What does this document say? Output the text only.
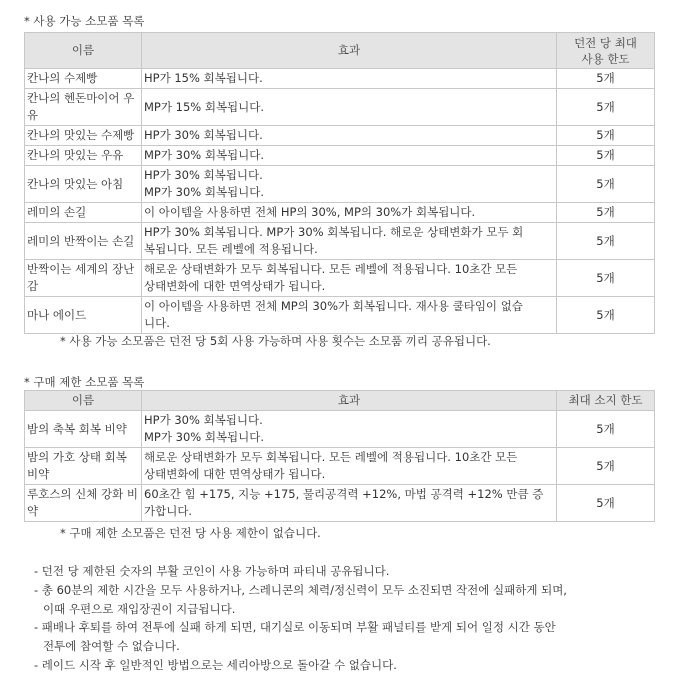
* 사용 가능 소모품 목록
이름	효과	던전 당 최대
사용 한도
칸나의 수제빵	HP가 15% 회복됩니다.	5개
칸나의 헨돈마이어 우유	MP가 15% 회복됩니다.	5개
칸나의 맛있는 수제빵	HP가 30% 회복됩니다.	5개
칸나의 맛있는 우유	MP가 30% 회복됩니다.	5개
칸나의 맛있는 아침	HP가 30% 회복됩니다.
MP가 30% 회복됩니다.	5개
레미의 손길	이 아이템을 사용하면 전체 HP의 30%, MP의 30%가 회복됩니다.	5개
레미의 반짝이는 손길	HP가 30% 회복됩니다. MP가 30% 회복됩니다. 해로운 상태변화가 모두 회
복됩니다. 모든 레벨에 적용됩니다.	5개
반짝이는 세계의 장난감	해로운 상태변화가 모두 회복됩니다. 모든 레벨에 적용됩니다. 10초간 모든
상태변화에 대한 면역상태가 됩니다.	5개
마나 에이드	이 아이템을 사용하면 전체 MP의 30%가 회복됩니다. 재사용 쿨타임이 없습
니다.	5개
* 사용 가능 소모품은 던전 당 5회 사용 가능하며 사용 횟수는 소모품 끼리 공유됩니다.
* 구매 제한 소모품 목록
이름	효과	최대 소지 한도
밤의 축복 회복 비약	HP가 30% 회복됩니다.
MP가 30% 회복됩니다.	5개
밤의 가호 상태 회복 비약	해로운 상태변화가 모두 회복됩니다. 모든 레벨에 적용됩니다. 10초간 모든
상태변화에 대한 면역상태가 됩니다.	5개
루호스의 신체 강화 비약	60초간 힘 +175, 지능 +175, 물리공격력 +12%, 마법 공격력 +12% 만큼 증
가합니다.	5개
* 구매 제한 소모품은 던전 당 사용 제한이 없습니다.
- 던전 당 제한된 숫자의 부활 코인이 사용 가능하며 파티내 공유됩니다.
- 총 60분의 제한 시간을 모두 사용하거나, 스레니콘의 체력/정신력이 모두 소진되면 작전에 실패하게 되며,
이때 우편으로 재입장권이 지급됩니다.
- 패배나 후퇴를 하여 전투에 실패 하게 되면, 대기실로 이동되며 부활 패널티를 받게 되어 일정 시간 동안
전투에 참여할 수 없습니다.
- 레이드 시작 후 일반적인 방법으로는 세리아방으로 돌아갈 수 없습니다.
